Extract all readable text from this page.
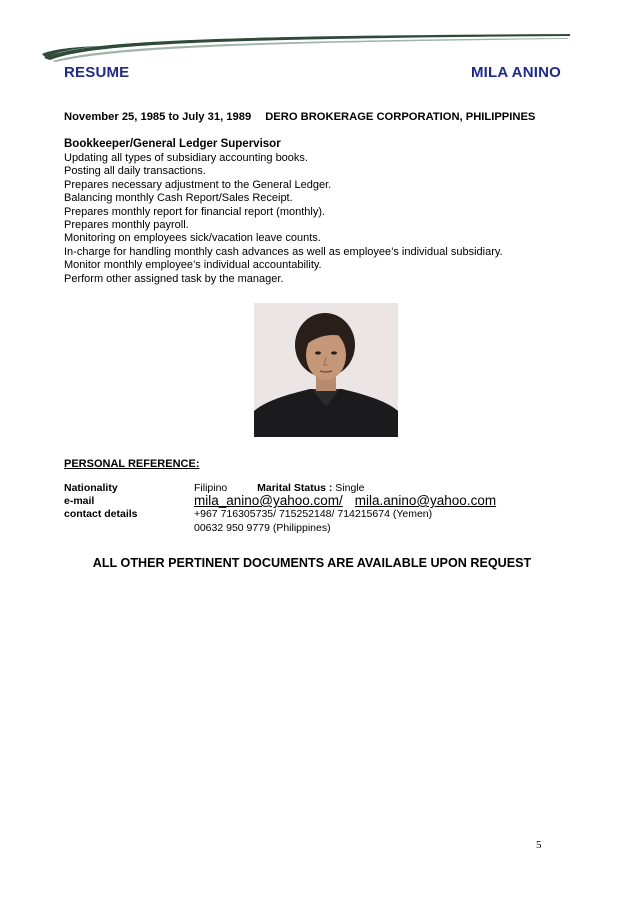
RESUME	MILA ANINO
November 25, 1985 to July 31, 1989 DERO BROKERAGE CORPORATION, PHILIPPINES
Bookkeeper/General Ledger Supervisor
Updating all types of subsidiary accounting books.
Posting all daily transactions.
Prepares necessary adjustment to the General Ledger.
Balancing monthly Cash Report/Sales Receipt.
Prepares monthly report for financial report (monthly).
Prepares monthly payroll.
Monitoring on employees sick/vacation leave counts.
In-charge for handling monthly cash advances as well as employee’s individual subsidiary.
Monitor monthly employee’s individual accountability.
Perform other assigned task by the manager.
PERSONAL REFERENCE:
Nationality	Filipino	Marital Status : Single
e-mail	mila_anino@yahoo.com/ mila.anino@yahoo.com
contact details	+967 716305735/ 715252148/ 714215674 (Yemen)
00632 950 9779 (Philippines)
ALL OTHER PERTINENT DOCUMENTS ARE AVAILABLE UPON REQUEST
5
